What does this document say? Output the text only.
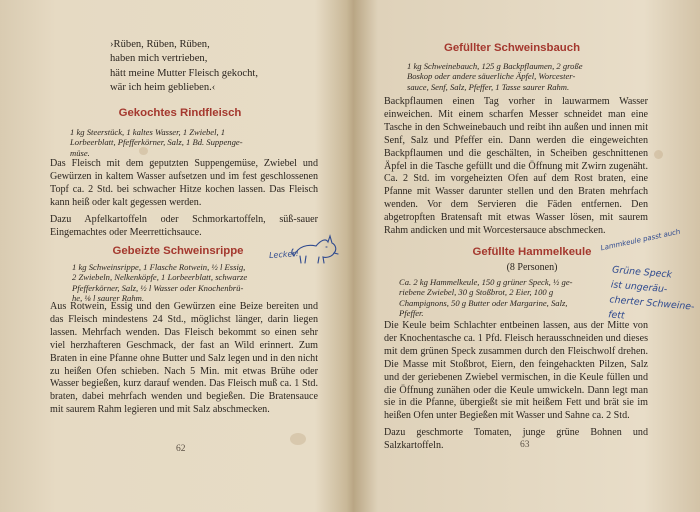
›Rüben, Rüben, Rüben,
haben mich vertrieben,
hätt meine Mutter Fleisch gekocht,
wär ich heim geblieben.‹
Gekochtes Rindfleisch
1 kg Steerstück, 1 kaltes Wasser, 1 Zwiebel, 1
Lorbeerblatt, Pfefferkörner, Salz, 1 Bd. Suppenge-
müse.

Das Fleisch mit dem geputzten Suppengemüse, Zwiebel und Gewürzen in kaltem Wasser aufsetzen und im fest geschlossenen Topf ca. 2 Std. bei schwacher Hitze kochen lassen. Das Fleisch kann heiß oder kalt gegessen werden.

Dazu Apfelkartoffeln oder Schmorkartoffeln, süß-sauer Eingemachtes oder Meerrettichsauce.

Gebeizte Schweinsrippe
1 kg Schweinsrippe, 1 Flasche Rotwein, ½ l Essig,
2 Zwiebeln, Nelkenköpfe, 1 Lorbeerblatt, schwarze
Pfefferkörner, Salz, ½ l Wasser oder Knochenbrü-
he, ⅛ l saurer Rahm.

Aus Rotwein, Essig und den Gewürzen eine Beize bereiten und das Fleisch mindestens 24 Std., möglichst länger, darin liegen lassen. Mehrfach wenden. Das Fleisch bekommt so einen sehr viel herzhafteren Geschmack, der fast an Wild erinnert. Zum Braten in eine Pfanne ohne Butter und Salz legen und in den nicht zu heißen Ofen schieben. Nach 5 Min. mit etwas Brühe oder Wasser begießen, kurz darauf wenden. Das Fleisch muß ca. 1 Std. braten, dabei mehrfach wenden und begießen. Die Bratensauce mit saurem Rahm legieren und mit Salz abschmecken.

Lecker!
62
Gefüllter Schweinsbauch
1 kg Schweinebauch, 125 g Backpflaumen, 2 große
Boskop oder andere säuerliche Äpfel, Worcester-
sauce, Senf, Salz, Pfeffer, 1 Tasse saurer Rahm.

Backpflaumen einen Tag vorher in lauwarmem Wasser einweichen. Mit einem scharfen Messer schneidet man eine Tasche in den Schweinebauch und reibt ihn außen und innen mit Senf, Salz und Pfeffer ein. Dann werden die eingeweichten Backpflaumen und die geschälten, in Scheiben geschnittenen Äpfel in die Tasche gefüllt und die Öffnung mit Zwirn zugenäht. Ca. 2 Std. im vorgeheizten Ofen auf dem Rost braten, eine Pfanne mit Wasser darunter stellen und den Braten mehrfach wenden. Vor dem Servieren die Fäden entfernen. Den abgetropften Bratensaft mit etwas Wasser lösen, mit saurem Rahm andicken und mit Worcestersauce abschmecken.

Gefüllte Hammelkeule
(8 Personen)
Ca. 2 kg Hammelkeule, 150 g grüner Speck, ½ ge-
riebene Zwiebel, 30 g Stoßbrot, 2 Eier, 100 g
Champignons, 50 g Butter oder Margarine, Salz,
Pfeffer.

Die Keule beim Schlachter entbeinen lassen, aus der Mitte von der Knochentasche ca. 1 Pfd. Fleisch herausschneiden und dieses mit dem grünen Speck zusammen durch den Fleischwolf drehen. Die Masse mit Stoßbrot, Eiern, den feingehackten Pilzen, Salz und der geriebenen Zwiebel vermischen, in die Keule füllen und die Öffnung zunähen oder die Keule umwickeln. Dann legt man sie in die Pfanne, übergießt sie mit heißem Fett und brät sie im heißen Ofen unter Begießen mit Wasser und Sahne ca. 2 Std.

Dazu geschmorte Tomaten, junge grüne Bohnen und Salzkartoffeln.

Lammkeule passt auch
Grüne Speck
ist ungeräu-
cherter Schweine-
fett
63
